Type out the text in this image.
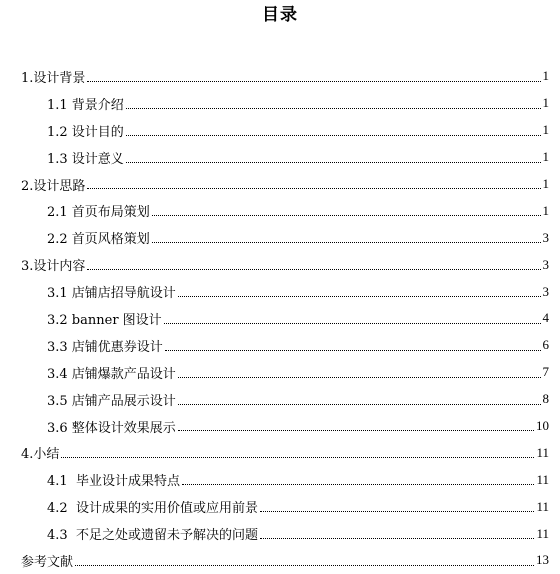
目录
1.设计背景	1
1.1 背景介绍	1
1.2 设计目的	1
1.3 设计意义	1
2.设计思路	1
2.1 首页布局策划	1
2.2 首页风格策划	3
3.设计内容	3
3.1 店铺店招导航设计	3
3.2 banner 图设计	4
3.3 店铺优惠券设计	6
3.4 店铺爆款产品设计	7
3.5 店铺产品展示设计	8
3.6 整体设计效果展示	10
4.小结	11
4.1  毕业设计成果特点	11
4.2  设计成果的实用价值或应用前景	11
4.3  不足之处或遗留未予解决的问题	11
参考文献	13
